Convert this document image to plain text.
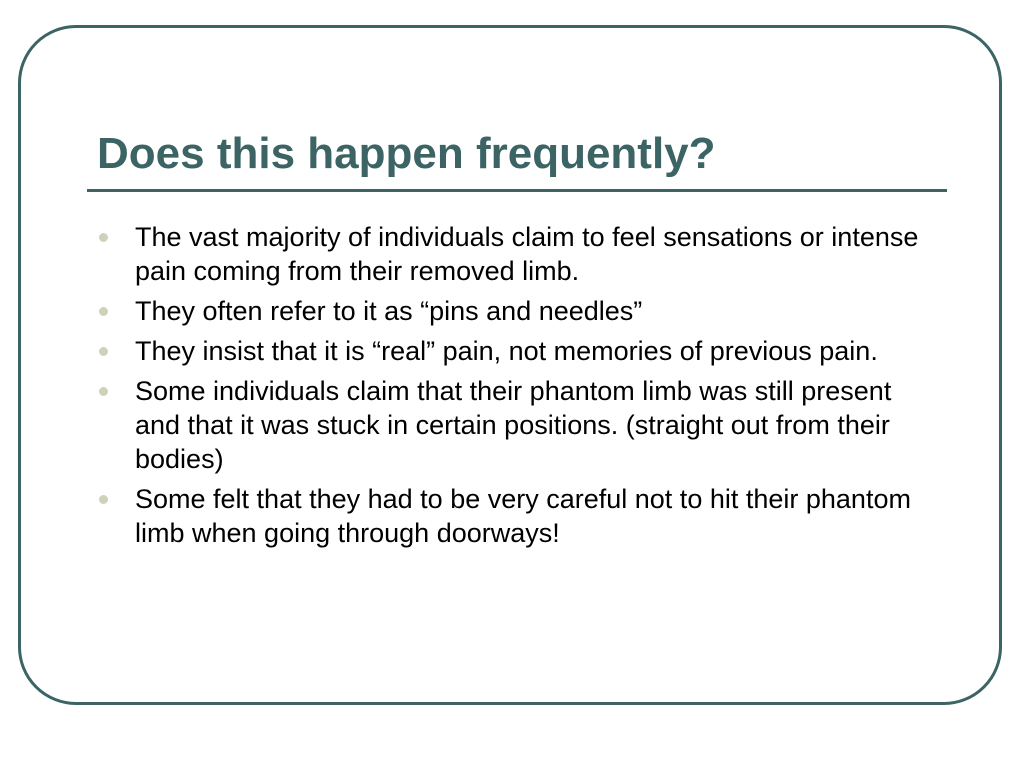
Does this happen frequently?
The vast majority of individuals claim to feel sensations or intense pain coming from their removed limb.
They often refer to it as “pins and needles”
They insist that it is “real” pain, not memories of previous pain.
Some individuals claim that their phantom limb was still present and that it was stuck in certain positions. (straight out from their bodies)
Some felt that they had to be very careful not to hit their phantom limb when going through doorways!
